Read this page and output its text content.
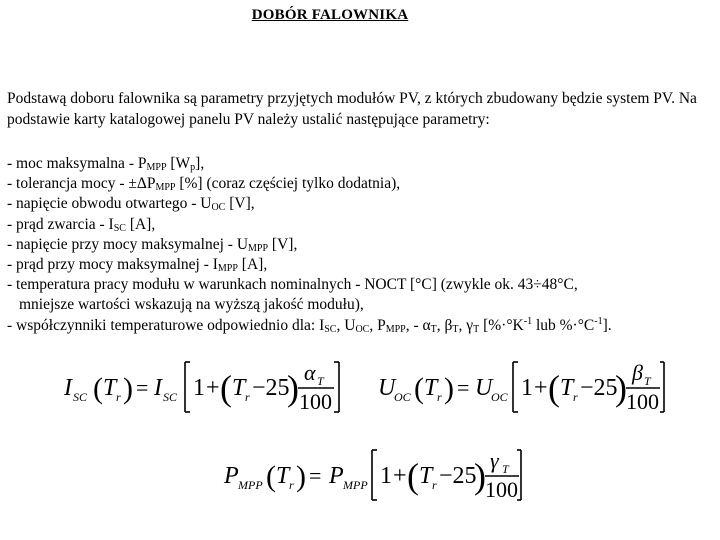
DOBÓR FALOWNIKA
Podstawą doboru falownika są parametry przyjętych modułów PV, z których zbudowany będzie system PV. Na podstawie karty katalogowej panelu PV należy ustalić następujące parametry:
- moc maksymalna - $P_{MPP}$ $[W_p]$,
- tolerancja mocy - $\pm\Delta P_{MPP}$ [%] (coraz częściej tylko dodatnia),
- napięcie obwodu otwartego - $U_{OC}$ [V],
- prąd zwarcia - $I_{SC}$ [A],
- napięcie przy mocy maksymalnej - $U_{MPP}$ [V],
- prąd przy mocy maksymalnej - $I_{MPP}$ [A],
- temperatura pracy modułu w warunkach nominalnych - NOCT [°C] (zwykle ok. 43÷48°C,
mniejsze wartości wskazują na wyższą jakość modułu),
- współczynniki temperaturowe odpowiednio dla: $I_{SC}$, $U_{OC}$, $P_{MPP}$, - $\alpha_T$, $\beta_T$, $\gamma_T$ [$\%\cdot^\circ K^{-1}$ lub $\%\cdot^\circ C^{-1}$].
I SC ( T r ) = I SC 1 + ( T r −25
) α T
100
U
OC ( T r ) = U
OC 1 + ( T r −25
) β T
100
P MPP ( T r ) = P MPP 1 + ( T r −25
) γ T
100
